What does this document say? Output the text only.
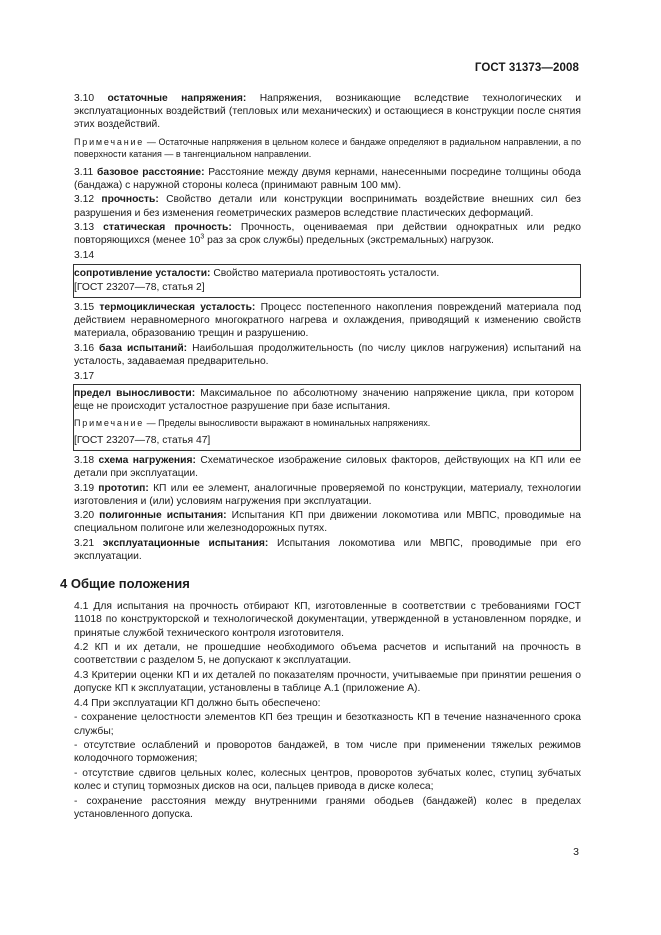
ГОСТ 31373—2008

3.10 остаточные напряжения: Напряжения, возникающие вследствие технологических и эксплуатационных воздействий (тепловых или механических) и остающиеся в конструкции после снятия этих воздействий.

Примечание — Остаточные напряжения в цельном колесе и бандаже определяют в радиальном направлении, а по поверхности катания — в тангенциальном направлении.

3.11 базовое расстояние: Расстояние между двумя кернами, нанесенными посредине толщины обода (бандажа) с наружной стороны колеса (принимают равным 100 мм).

3.12 прочность: Свойство детали или конструкции воспринимать воздействие внешних сил без разрушения и без изменения геометрических размеров вследствие пластических деформаций.

3.13 статическая прочность: Прочность, оцениваемая при действии однократных или редко повторяющихся (менее $10^3$ раз за срок службы) предельных (экстремальных) нагрузок.

3.14

сопротивление усталости: Свойство материала противостоять усталости.

[ГОСТ 23207—78, статья 2]

3.15 термоциклическая усталость: Процесс постепенного накопления повреждений материала под действием неравномерного многократного нагрева и охлаждения, приводящий к изменению свойств материала, образованию трещин и разрушению.

3.16 база испытаний: Наибольшая продолжительность (по числу циклов нагружения) испытаний на усталость, задаваемая предварительно.

3.17

предел выносливости: Максимальное по абсолютному значению напряжение цикла, при котором еще не происходит усталостное разрушение при базе испытания.

Примечание — Пределы выносливости выражают в номинальных напряжениях.

[ГОСТ 23207—78, статья 47]

3.18 схема нагружения: Схематическое изображение силовых факторов, действующих на КП или ее детали при эксплуатации.

3.19 прототип: КП или ее элемент, аналогичные проверяемой по конструкции, материалу, технологии изготовления и (или) условиям нагружения при эксплуатации.

3.20 полигонные испытания: Испытания КП при движении локомотива или МВПС, проводимые на специальном полигоне или железнодорожных путях.

3.21 эксплуатационные испытания: Испытания локомотива или МВПС, проводимые при его эксплуатации.

4 Общие положения

4.1 Для испытания на прочность отбирают КП, изготовленные в соответствии с требованиями ГОСТ 11018 по конструкторской и технологической документации, утвержденной в установленном порядке, и принятые службой технического контроля изготовителя.

4.2 КП и их детали, не прошедшие необходимого объема расчетов и испытаний на прочность в соответствии с разделом 5, не допускают к эксплуатации.

4.3 Критерии оценки КП и их деталей по показателям прочности, учитываемые при принятии решения о допуске КП к эксплуатации, установлены в таблице А.1 (приложение А).

4.4 При эксплуатации КП должно быть обеспечено:

- сохранение целостности элементов КП без трещин и безотказность КП в течение назначенного срока службы;

- отсутствие ослаблений и проворотов бандажей, в том числе при применении тяжелых режимов колодочного торможения;

- отсутствие сдвигов цельных колес, колесных центров, проворотов зубчатых колес, ступиц зубчатых колес и ступиц тормозных дисков на оси, пальцев привода в диске колеса;

- сохранение расстояния между внутренними гранями ободьев (бандажей) колес в пределах установленного допуска.

3
